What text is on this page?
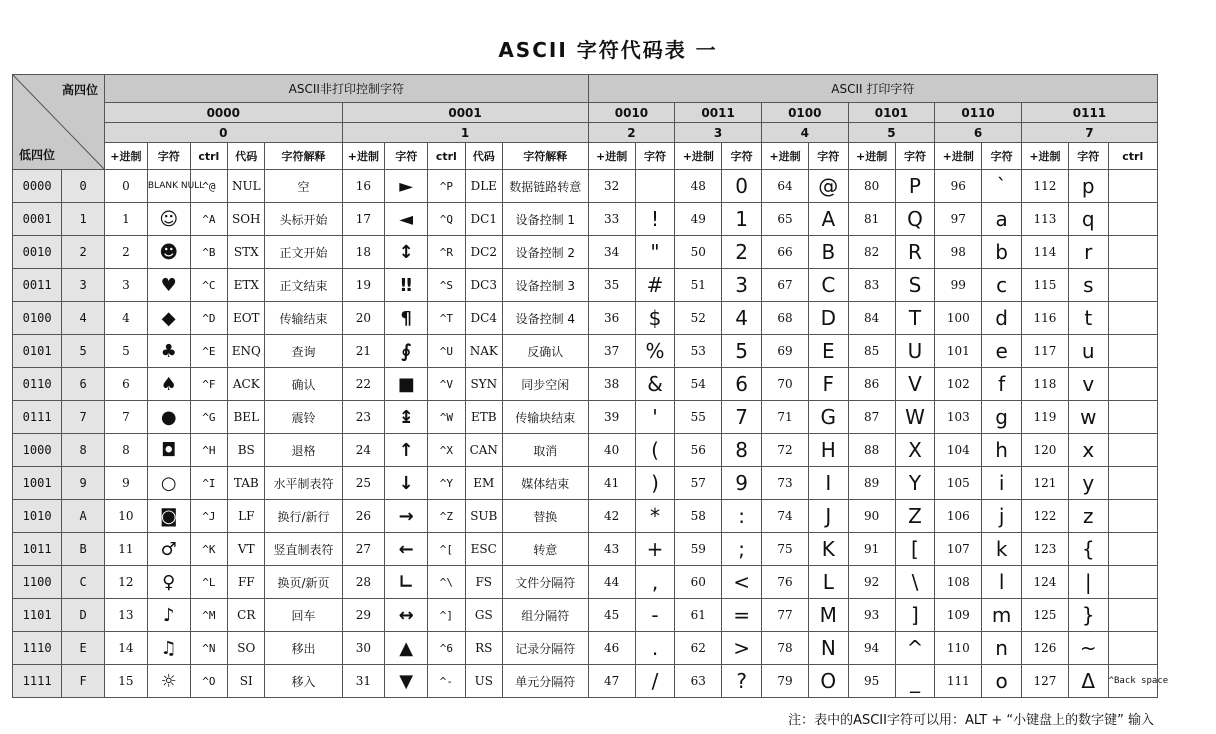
ASCII 字符代码表 一
高四位
低四位		ASCII非打印控制字符										ASCII 打印字符												
		0000					0001					0010		0011		0100		0101		0110		0111		
		0					1					2		3		4		5		6		7		
		+进制	字符	ctrl	代码	字符解释	+进制	字符	ctrl	代码	字符解释	+进制	字符	+进制	字符	+进制	字符	+进制	字符	+进制	字符	+进制	字符	ctrl
0000	0	0	BLANK NULL	^@	NUL	空	16	►	^P	DLE	数据链路转意	32		48	0	64	@	80	P	96	`	112	p	
0001	1	1	☺	^A	SOH	头标开始	17	◄	^Q	DC1	设备控制 1	33	!	49	1	65	A	81	Q	97	a	113	q	
0010	2	2	☻	^B	STX	正文开始	18	↕	^R	DC2	设备控制 2	34	"	50	2	66	B	82	R	98	b	114	r	
0011	3	3	♥	^C	ETX	正文结束	19	‼	^S	DC3	设备控制 3	35	#	51	3	67	C	83	S	99	c	115	s	
0100	4	4	◆	^D	EOT	传输结束	20	¶	^T	DC4	设备控制 4	36	$	52	4	68	D	84	T	100	d	116	t	
0101	5	5	♣	^E	ENQ	查询	21	∮	^U	NAK	反确认	37	%	53	5	69	E	85	U	101	e	117	u	
0110	6	6	♠	^F	ACK	确认	22	■	^V	SYN	同步空闲	38	&	54	6	70	F	86	V	102	f	118	v	
0111	7	7	●	^G	BEL	震铃	23	↨	^W	ETB	传输块结束	39	'	55	7	71	G	87	W	103	g	119	w	
1000	8	8	◘	^H	BS	退格	24	↑	^X	CAN	取消	40	(	56	8	72	H	88	X	104	h	120	x	
1001	9	9	○	^I	TAB	水平制表符	25	↓	^Y	EM	媒体结束	41	)	57	9	73	I	89	Y	105	i	121	y	
1010	A	10	◙	^J	LF	换行/新行	26	→	^Z	SUB	替换	42	*	58	:	74	J	90	Z	106	j	122	z	
1011	B	11	♂	^K	VT	竖直制表符	27	←	^[	ESC	转意	43	+	59	;	75	K	91	[	107	k	123	{	
1100	C	12	♀	^L	FF	换页/新页	28	∟	^\	FS	文件分隔符	44	,	60	<	76	L	92	\	108	l	124	|	
1101	D	13	♪	^M	CR	回车	29	↔	^]	GS	组分隔符	45	-	61	=	77	M	93	]	109	m	125	}	
1110	E	14	♫	^N	SO	移出	30	▲	^6	RS	记录分隔符	46	.	62	>	78	N	94	^	110	n	126	~	
1111	F	15	☼	^O	SI	移入	31	▼	^-	US	单元分隔符	47	/	63	?	79	O	95	_	111	o	127	Δ	^Back space
注：表中的ASCII字符可以用：ALT + “小键盘上的数字键” 输入
